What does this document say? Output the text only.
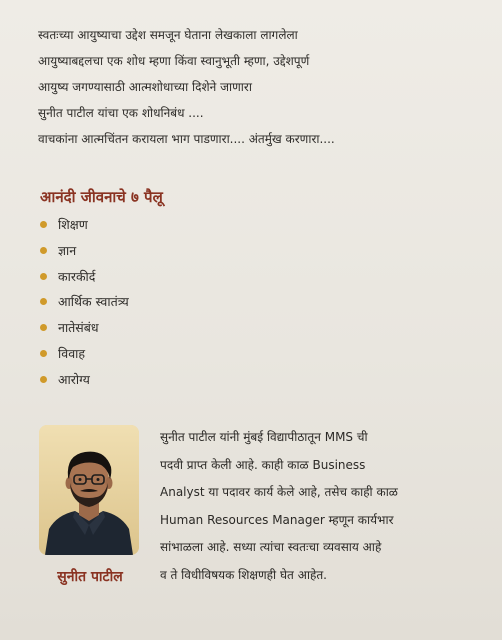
स्वतःच्या आयुष्याचा उद्देश समजून घेताना लेखकाला लागलेला
आयुष्याबद्दलचा एक शोध म्हणा किंवा स्वानुभूती म्हणा, उद्देशपूर्ण
आयुष्य जगण्यासाठी आत्मशोधाच्या दिशेने जाणारा
सुनीत पाटील यांचा एक शोधनिबंध ....
वाचकांना आत्मचिंतन करायला भाग पाडणारा.... अंतर्मुख करणारा....
आनंदी जीवनाचे ७ पैलू
शिक्षण
ज्ञान
कारकीर्द
आर्थिक स्वातंत्र्य
नातेसंबंध
विवाह
आरोग्य
सुनीत पाटील
सुनीत पाटील यांनी मुंबई विद्यापीठातून MMS ची
पदवी प्राप्त केली आहे. काही काळ Business
Analyst या पदावर कार्य केले आहे, तसेच काही काळ
Human Resources Manager म्हणून कार्यभार
सांभाळला आहे. सध्या त्यांचा स्वतःचा व्यवसाय आहे
व ते विधीविषयक शिक्षणही घेत आहेत.
